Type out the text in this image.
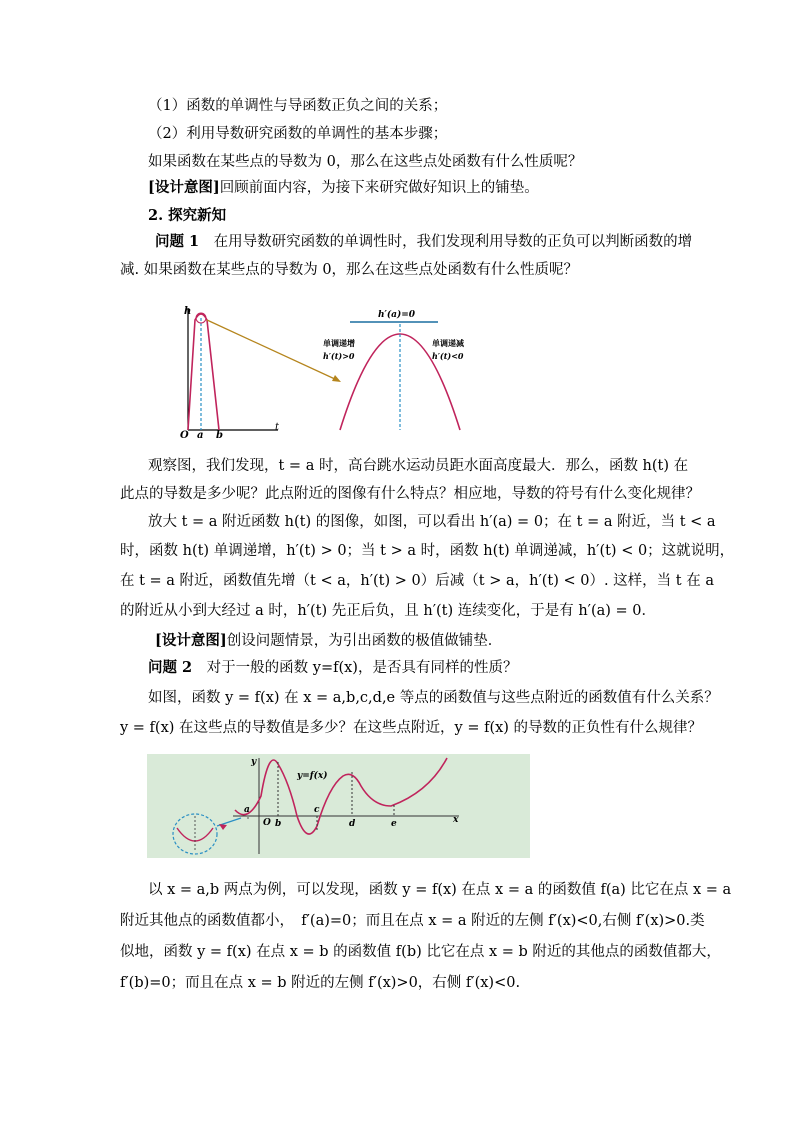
（1）函数的单调性与导函数正负之间的关系；
（2）利用导数研究函数的单调性的基本步骤；
如果函数在某些点的导数为 0，那么在这些点处函数有什么性质呢？
[设计意图]回顾前面内容，为接下来研究做好知识上的铺垫。
2. 探究新知
问题 1　在用导数研究函数的单调性时，我们发现利用导数的正负可以判断函数的增
减. 如果函数在某些点的导数为 0，那么在这些点处函数有什么性质呢？
h
t
O a b
h′(a)=0
单调递增
h′(t)>0
单调递减
h′(t)<0
观察图，我们发现，t = a 时，高台跳水运动员距水面高度最大．那么，函数 h(t) 在
此点的导数是多少呢？此点附近的图像有什么特点？相应地，导数的符号有什么变化规律？
放大 t = a 附近函数 h(t) 的图像，如图，可以看出 h′(a) = 0；在 t = a 附近，当 t < a
时，函数 h(t) 单调递增，h′(t) > 0；当 t > a 时，函数 h(t) 单调递减，h′(t) < 0；这就说明，
在 t = a 附近，函数值先增（t < a，h′(t) > 0）后减（t > a，h′(t) < 0）. 这样，当 t 在 a
的附近从小到大经过 a 时，h′(t) 先正后负，且 h′(t) 连续变化，于是有 h′(a) = 0．
[设计意图]创设问题情景，为引出函数的极值做铺垫．
问题 2　对于一般的函数 y=f(x)，是否具有同样的性质？
如图，函数 y = f(x) 在 x = a,b,c,d,e 等点的函数值与这些点附近的函数值有什么关系？
y = f(x) 在这些点的导数值是多少？在这些点附近，y = f(x) 的导数的正负性有什么规律？
y
x
O
y=f(x)
a
b
c
d	e
以 x = a,b 两点为例，可以发现，函数 y = f(x) 在点 x = a 的函数值 f(a) 比它在点 x = a
附近其他点的函数值都小，　f′(a)=0；而且在点 x = a 附近的左侧 f′(x)<0,右侧 f′(x)>0.类
似地，函数 y = f(x) 在点 x = b 的函数值 f(b) 比它在点 x = b 附近的其他点的函数值都大，
f′(b)=0；而且在点 x = b 附近的左侧 f′(x)>0，右侧 f′(x)<0.
